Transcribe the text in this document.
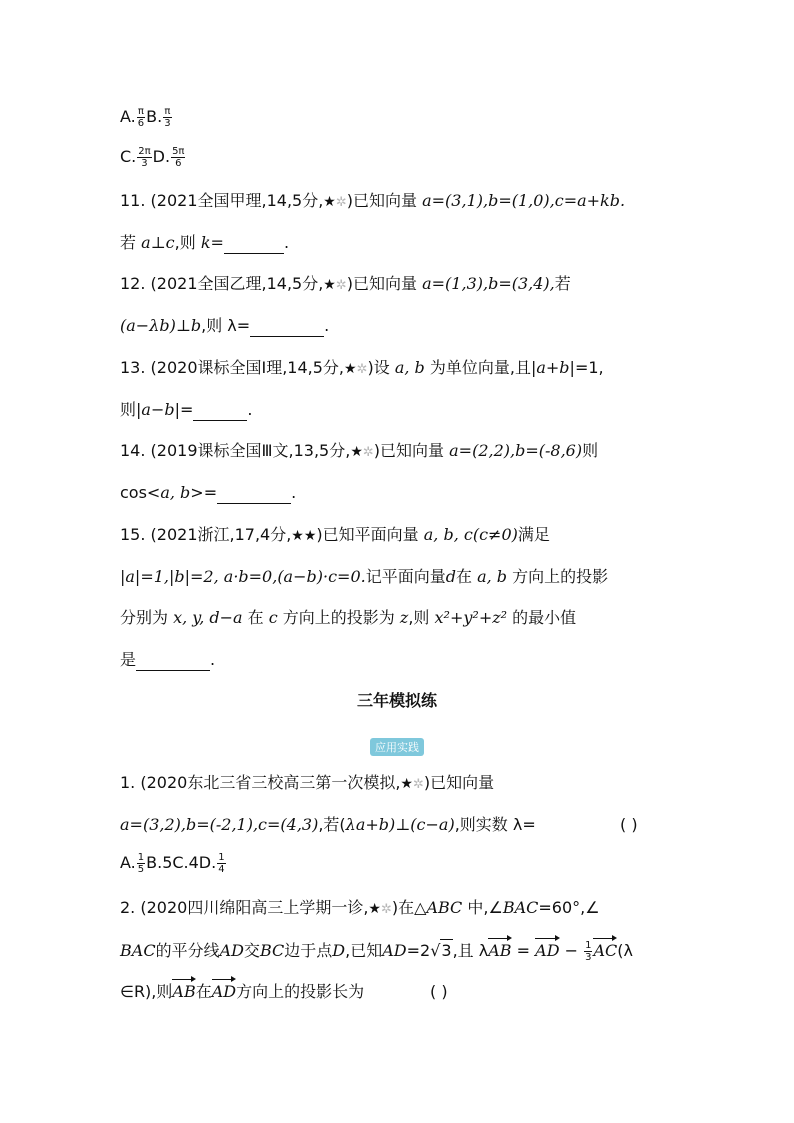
A. $\frac{\pi}{6} B$. $\frac{\pi}{3}$
C. $\frac{2\pi}{3} D$. $\frac{5\pi}{6}$
11. (2021全国甲理,14,5分,★✲)已知向量 a=(3,1),b=(1,0),c=a+kb.
若 a⊥c,则 k=	.
12. (2021全国乙理,14,5分,★✲)已知向量 a=(1,3),b=(3,4),若
(a−λb)⊥b,则 λ=	.
13. (2020课标全国Ⅰ理,14,5分,★✲)设 a, b 为单位向量,且|a+b|=1,
则|a−b|=	.
14. (2019课标全国Ⅲ文,13,5分,★✲)已知向量 a=(2,2),b=(-8,6)则
cos<a, b>=	.
15. (2021浙江,17,4分,★★)已知平面向量 a, b, c(c≠0)满足
|a|=1,|b|=2, a·b=0,(a−b)·c=0.记平面向量d在 a, b 方向上的投影
分别为 x, y, d−a 在 c 方向上的投影为 z,则 x²+y²+z² 的最小值
是	.
三年模拟练
应用实践
1. (2020东北三省三校高三第一次模拟,★✲)已知向量
a=(3,2),b=(-2,1),c=(4,3),若(λa+b)⊥(c−a),则实数 λ=	( )
A. $\frac{1}{5} B.5C.4D$. $\frac{1}{4}$
2. (2020四川绵阳高三上学期一诊,★✲)在△ABC 中,∠BAC=60°,∠
BAC的平分线AD交BC边于点D,已知AD=2√3,且 λAB = AD − $\frac{1}{3} AC(\lambda$
∈R),则AB在AD方向上的投影长为	( )
